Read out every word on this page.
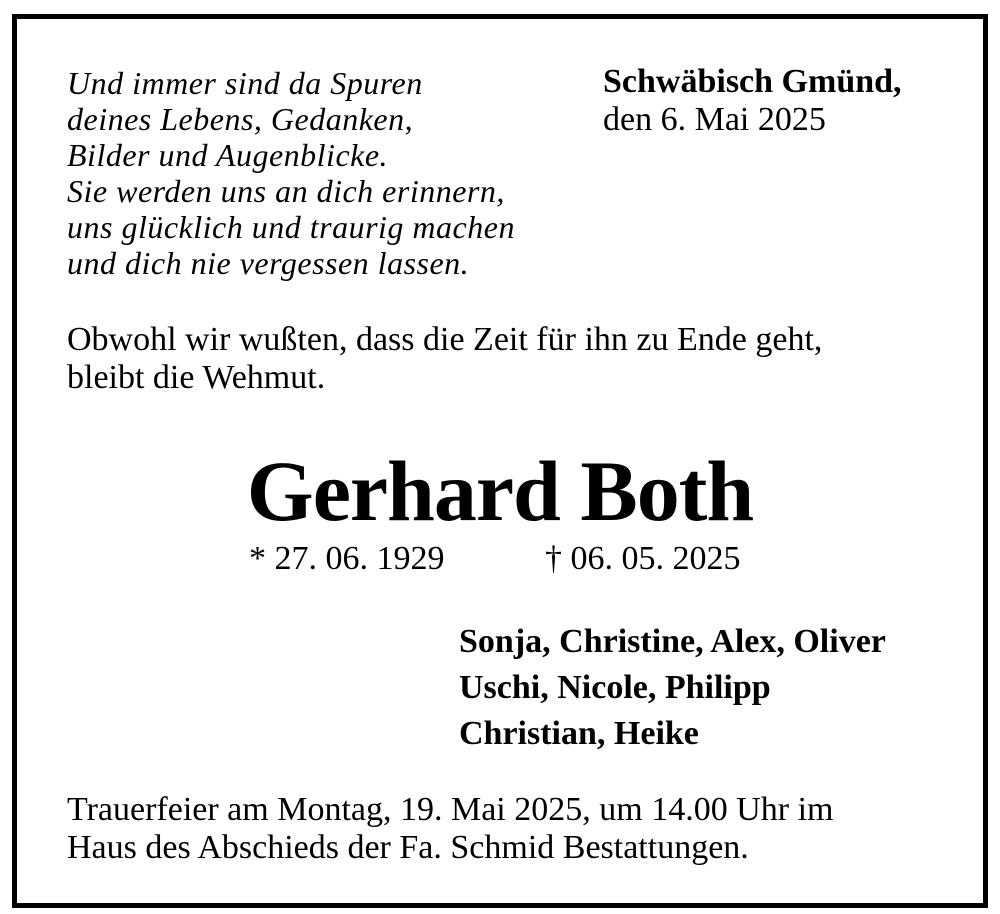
Und immer sind da Spuren
deines Lebens, Gedanken,
Bilder und Augenblicke.
Sie werden uns an dich erinnern,
uns glücklich und traurig machen
und dich nie vergessen lassen.
Schwäbisch Gmünd,
den 6. Mai 2025
Obwohl wir wußten, dass die Zeit für ihn zu Ende geht,
bleibt die Wehmut.
Gerhard Both
* 27. 06. 1929	† 06. 05. 2025
Sonja, Christine, Alex, Oliver
Uschi, Nicole, Philipp
Christian, Heike
Trauerfeier am Montag, 19. Mai 2025, um 14.00 Uhr im
Haus des Abschieds der Fa. Schmid Bestattungen.
